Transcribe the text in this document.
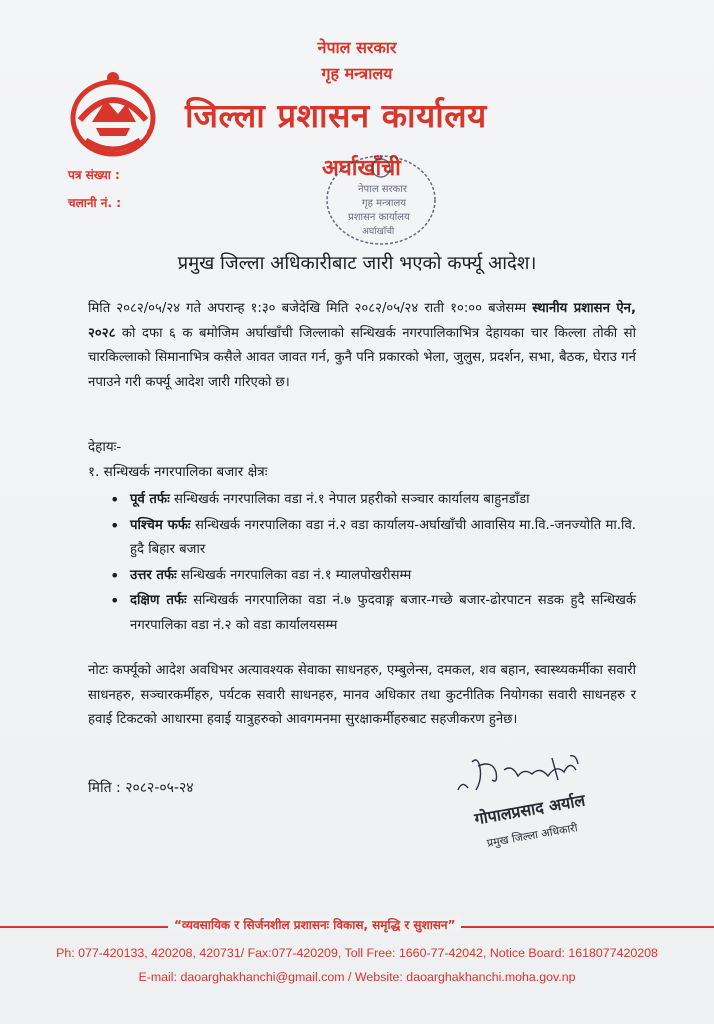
नेपाल सरकार
गृह मन्त्रालय
जिल्ला प्रशासन कार्यालय
अर्घाखाँची
पत्र संख्या :
चलानी नं. :
नेपाल सरकार
गृह मन्त्रालय
प्रशासन कार्यालय
अर्घाखाँची
प्रमुख जिल्ला अधिकारीबाट जारी भएको कर्फ्यू आदेश।

मिति २०८२/०५/२४ गते अपरान्ह १:३० बजेदेखि मिति २०८२/०५/२४ राती १०:०० बजेसम्म स्थानीय प्रशासन ऐन, २०२८ को दफा ६ क बमोजिम अर्घाखाँची जिल्लाको सन्धिखर्क नगरपालिकाभित्र देहायका चार किल्ला तोकी सो चारकिल्लाको सिमानाभित्र कसैले आवत जावत गर्न, कुनै पनि प्रकारको भेला, जुलुस, प्रदर्शन, सभा, बैठक, घेराउ गर्न नपाउने गरी कर्फ्यू आदेश जारी गरिएको छ।

देहायः-
१. सन्धिखर्क नगरपालिका बजार क्षेत्रः
• पूर्व तर्फः सन्धिखर्क नगरपालिका वडा नं.१ नेपाल प्रहरीको सञ्चार कार्यालय बाहुनडाँडा
• पश्चिम फर्फः सन्धिखर्क नगरपालिका वडा नं.२ वडा कार्यालय-अर्घाखाँची आवासिय मा.वि.-जनज्योति मा.वि. हुदै बिहार बजार
• उत्तर तर्फः सन्धिखर्क नगरपालिका वडा नं.१ म्यालपोखरीसम्म
• दक्षिण तर्फः सन्धिखर्क नगरपालिका वडा नं.७ फुदवाङ्ग बजार-गच्छे बजार-ढोरपाटन सडक हुदै सन्धिखर्क नगरपालिका वडा नं.२ को वडा कार्यालयसम्म
नोटः कर्फ्यूको आदेश अवधिभर अत्यावश्यक सेवाका साधनहरु, एम्बुलेन्स, दमकल, शव बहान, स्वास्थ्यकर्मीका सवारी साधनहरु, सञ्चारकर्मीहरु, पर्यटक सवारी साधनहरु, मानव अधिकार तथा कुटनीतिक नियोगका सवारी साधनहरु र हवाई टिकटको आधारमा हवाई यात्रुहरुको आवगमनमा सुरक्षाकर्मीहरुबाट सहजीकरण हुनेछ।
मिति : २०८२-०५-२४
गोपालप्रसाद अर्याल
प्रमुख जिल्ला अधिकारी
“व्यवसायिक र सिर्जनशील प्रशासनः विकास, समृद्धि र सुशासन”
Ph: 077-420133, 420208, 420731/ Fax:077-420209, Toll Free: 1660-77-42042, Notice Board: 1618077420208
E-mail: daoarghakhanchi@gmail.com / Website: daoarghakhanchi.moha.gov.np
